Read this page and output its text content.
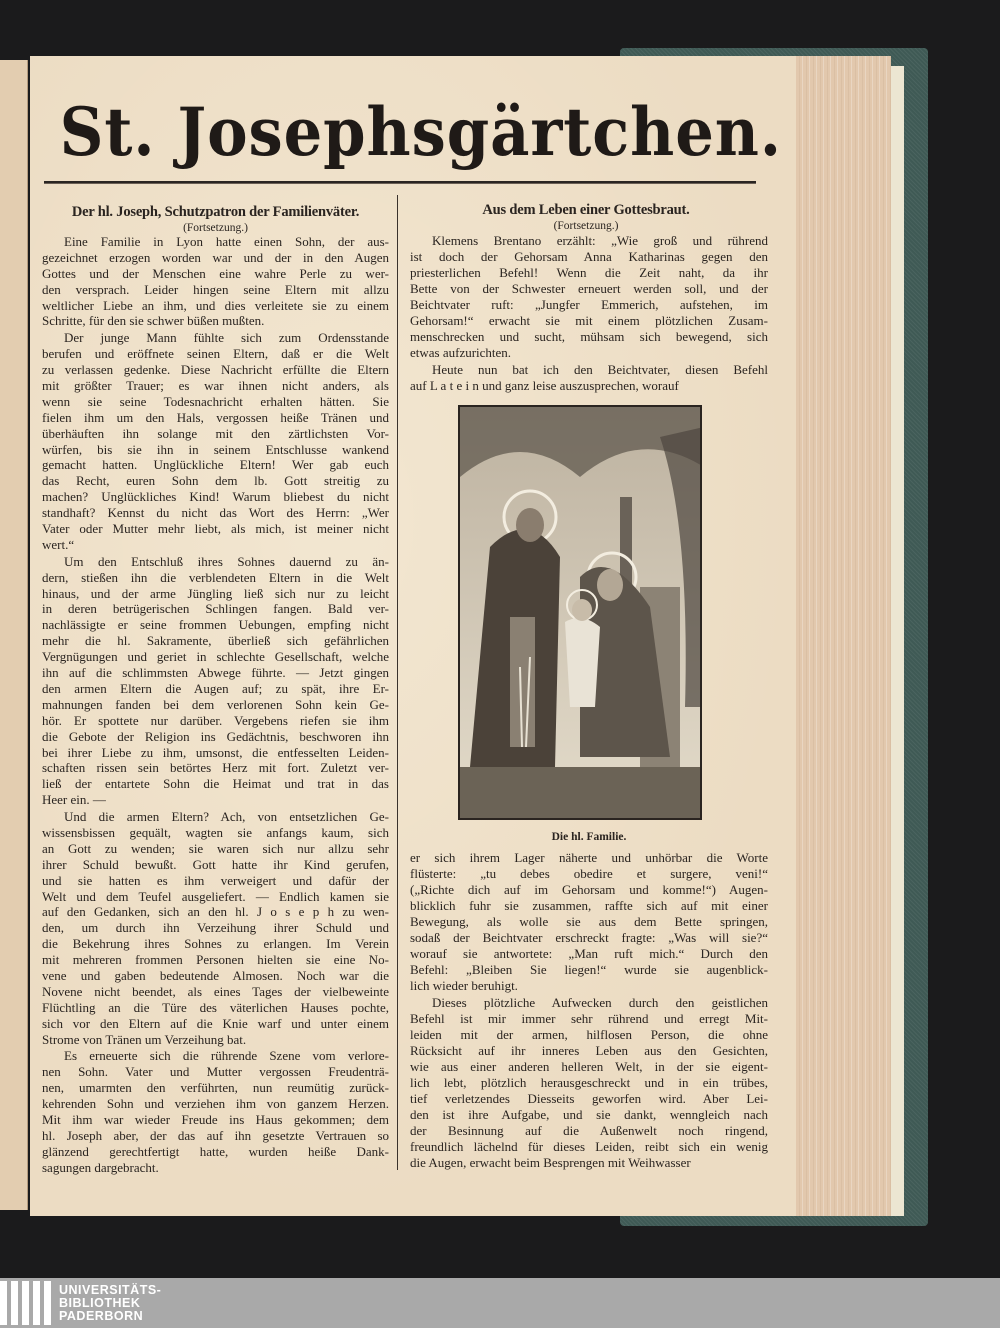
St. Josephsgärtchen.
Der hl. Joseph, Schutzpatron der Familienväter.
(Fortsetzung.)
Eine Familie in Lyon hatte einen Sohn, der aus-
gezeichnet erzogen worden war und der in den Augen
Gottes und der Menschen eine wahre Perle zu wer-
den versprach. Leider hingen seine Eltern mit allzu
weltlicher Liebe an ihm, und dies verleitete sie zu einem
Schritte, für den sie schwer büßen mußten.
Der junge Mann fühlte sich zum Ordensstande
berufen und eröffnete seinen Eltern, daß er die Welt
zu verlassen gedenke. Diese Nachricht erfüllte die Eltern
mit größter Trauer; es war ihnen nicht anders, als
wenn sie seine Todesnachricht erhalten hätten. Sie
fielen ihm um den Hals, vergossen heiße Tränen und
überhäuften ihn solange mit den zärtlichsten Vor-
würfen, bis sie ihn in seinem Entschlusse wankend
gemacht hatten. Unglückliche Eltern! Wer gab euch
das Recht, euren Sohn dem lb. Gott streitig zu
machen? Unglückliches Kind! Warum bliebest du nicht
standhaft? Kennst du nicht das Wort des Herrn: „Wer
Vater oder Mutter mehr liebt, als mich, ist meiner nicht
wert.“
Um den Entschluß ihres Sohnes dauernd zu än-
dern, stießen ihn die verblendeten Eltern in die Welt
hinaus, und der arme Jüngling ließ sich nur zu leicht
in deren betrügerischen Schlingen fangen. Bald ver-
nachlässigte er seine frommen Uebungen, empfing nicht
mehr die hl. Sakramente, überließ sich gefährlichen
Vergnügungen und geriet in schlechte Gesellschaft, welche
ihn auf die schlimmsten Abwege führte. — Jetzt gingen
den armen Eltern die Augen auf; zu spät, ihre Er-
mahnungen fanden bei dem verlorenen Sohn kein Ge-
hör. Er spottete nur darüber. Vergebens riefen sie ihm
die Gebote der Religion ins Gedächtnis, beschworen ihn
bei ihrer Liebe zu ihm, umsonst, die entfesselten Leiden-
schaften rissen sein betörtes Herz mit fort. Zuletzt ver-
ließ der entartete Sohn die Heimat und trat in das
Heer ein. —
Und die armen Eltern? Ach, von entsetzlichen Ge-
wissensbissen gequält, wagten sie anfangs kaum, sich
an Gott zu wenden; sie waren sich nur allzu sehr
ihrer Schuld bewußt. Gott hatte ihr Kind gerufen,
und sie hatten es ihm verweigert und dafür der
Welt und dem Teufel ausgeliefert. — Endlich kamen sie
auf den Gedanken, sich an den hl. J o s e p h zu wen-
den, um durch ihn Verzeihung ihrer Schuld und
die Bekehrung ihres Sohnes zu erlangen. Im Verein
mit mehreren frommen Personen hielten sie eine No-
vene und gaben bedeutende Almosen. Noch war die
Novene nicht beendet, als eines Tages der vielbeweinte
Flüchtling an die Türe des väterlichen Hauses pochte,
sich vor den Eltern auf die Knie warf und unter einem
Strome von Tränen um Verzeihung bat.
Es erneuerte sich die rührende Szene vom verlore-
nen Sohn. Vater und Mutter vergossen Freudenträ-
nen, umarmten den verführten, nun reumütig zurück-
kehrenden Sohn und verziehen ihm von ganzem Herzen.
Mit ihm war wieder Freude ins Haus gekommen; dem
hl. Joseph aber, der das auf ihn gesetzte Vertrauen so
glänzend gerechtfertigt hatte, wurden heiße Dank-
sagungen dargebracht.
Aus dem Leben einer Gottesbraut.
(Fortsetzung.)
Klemens Brentano erzählt: „Wie groß und rührend
ist doch der Gehorsam Anna Katharinas gegen den
priesterlichen Befehl! Wenn die Zeit naht, da ihr
Bette von der Schwester erneuert werden soll, und der
Beichtvater ruft: „Jungfer Emmerich, aufstehen, im
Gehorsam!“ erwacht sie mit einem plötzlichen Zusam-
menschrecken und sucht, mühsam sich bewegend, sich
etwas aufzurichten.
Heute nun bat ich den Beichtvater, diesen Befehl
auf L a t e i n und ganz leise auszusprechen, worauf
Die hl. Familie.
er sich ihrem Lager näherte und unhörbar die Worte
flüsterte: „tu debes obedire et surgere, veni!“
(„Richte dich auf im Gehorsam und komme!“) Augen-
blicklich fuhr sie zusammen, raffte sich auf mit einer
Bewegung, als wolle sie aus dem Bette springen,
sodaß der Beichtvater erschreckt fragte: „Was will sie?“
worauf sie antwortete: „Man ruft mich.“ Durch den
Befehl: „Bleiben Sie liegen!“ wurde sie augenblick-
lich wieder beruhigt.
Dieses plötzliche Aufwecken durch den geistlichen
Befehl ist mir immer sehr rührend und erregt Mit-
leiden mit der armen, hilflosen Person, die ohne
Rücksicht auf ihr inneres Leben aus den Gesichten,
wie aus einer anderen helleren Welt, in der sie eigent-
lich lebt, plötzlich herausgeschreckt und in ein trübes,
tief verletzendes Diesseits geworfen wird. Aber Lei-
den ist ihre Aufgabe, und sie dankt, wenngleich nach
der Besinnung auf die Außenwelt noch ringend,
freundlich lächelnd für dieses Leiden, reibt sich ein wenig
die Augen, erwacht beim Besprengen mit Weihwasser
UNIVERSITÄTS-
BIBLIOTHEK
PADERBORN
